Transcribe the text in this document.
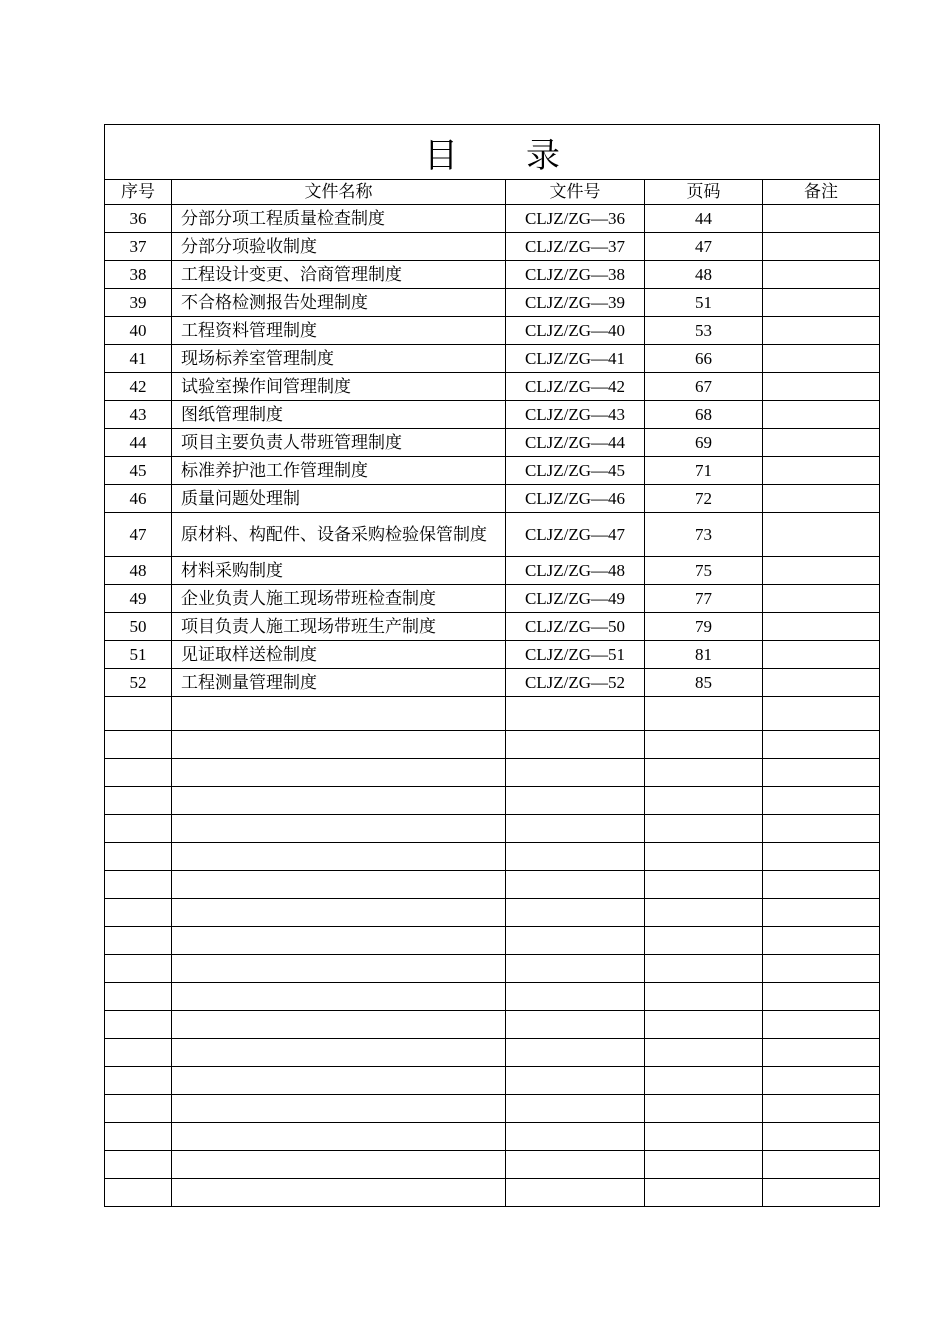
目　　录				
序号	文件名称	文件号	页码	备注
36	分部分项工程质量检查制度	CLJZ/ZG—36	44	
37	分部分项验收制度	CLJZ/ZG—37	47	
38	工程设计变更、洽商管理制度	CLJZ/ZG—38	48	
39	不合格检测报告处理制度	CLJZ/ZG—39	51	
40	工程资料管理制度	CLJZ/ZG—40	53	
41	现场标养室管理制度	CLJZ/ZG—41	66	
42	试验室操作间管理制度	CLJZ/ZG—42	67	
43	图纸管理制度	CLJZ/ZG—43	68	
44	项目主要负责人带班管理制度	CLJZ/ZG—44	69	
45	标准养护池工作管理制度	CLJZ/ZG—45	71	
46	质量问题处理制	CLJZ/ZG—46	72	
47	原材料、构配件、设备采购检验保管制度	CLJZ/ZG—47	73	
48	材料采购制度	CLJZ/ZG—48	75	
49	企业负责人施工现场带班检查制度	CLJZ/ZG—49	77	
50	项目负责人施工现场带班生产制度	CLJZ/ZG—50	79	
51	见证取样送检制度	CLJZ/ZG—51	81	
52	工程测量管理制度	CLJZ/ZG—52	85	
